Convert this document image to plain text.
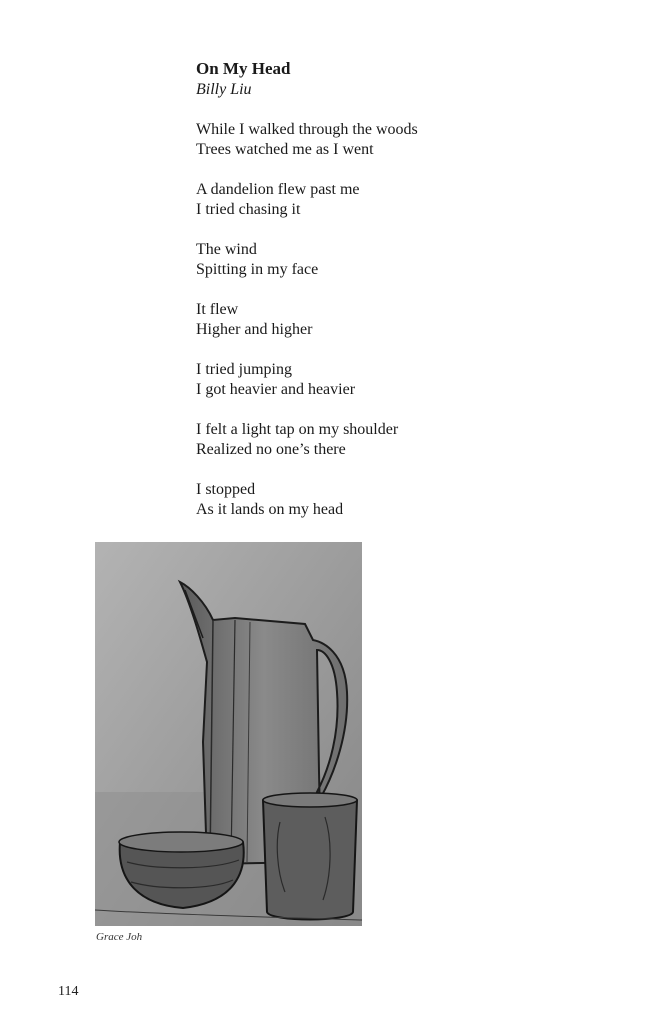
On My Head

Billy Liu

While I walked through the woods
Trees watched me as I went
A dandelion flew past me
I tried chasing it
The wind
Spitting in my face
It flew
Higher and higher
I tried jumping
I got heavier and heavier
I felt a light tap on my shoulder
Realized no one’s there
I stopped
As it lands on my head
Grace Joh
114
